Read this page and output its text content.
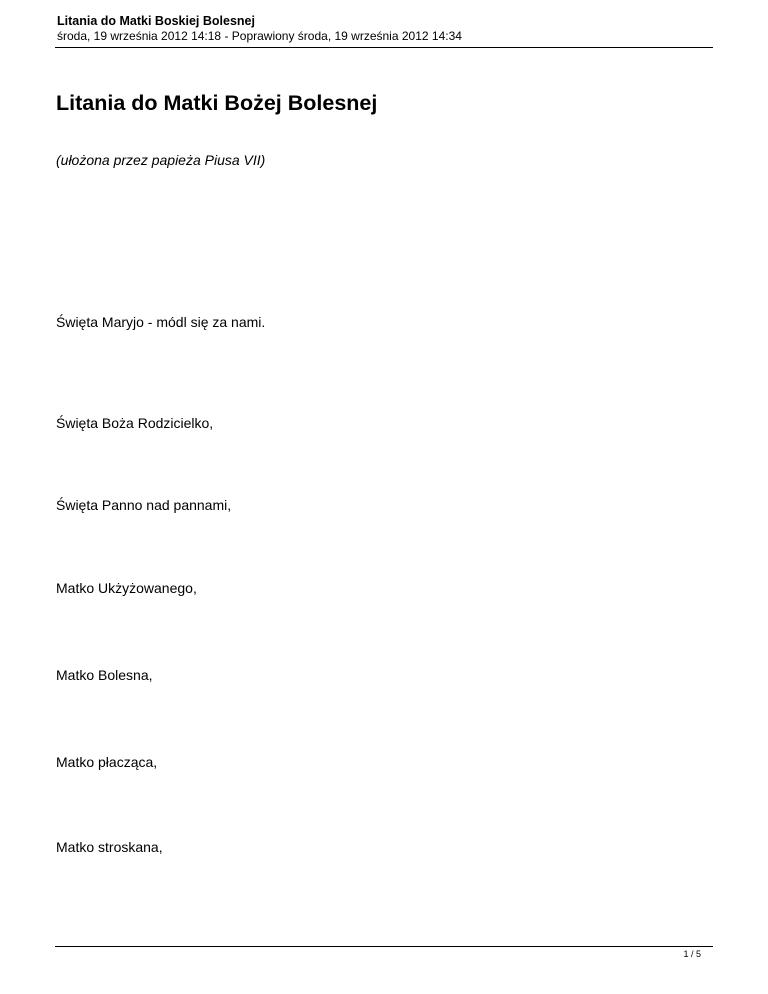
Litania do Matki Boskiej Bolesnej
środa, 19 września 2012 14:18 - Poprawiony środa, 19 września 2012 14:34
Litania do Matki Bożej Bolesnej

(ułożona przez papieża Piusa VII)

Święta Maryjo - módl się za nami.
Święta Boża Rodzicielko,
Święta Panno nad pannami,
Matko Ukżyżowanego,
Matko Bolesna,
Matko płacząca,
Matko stroskana,
1 / 5
